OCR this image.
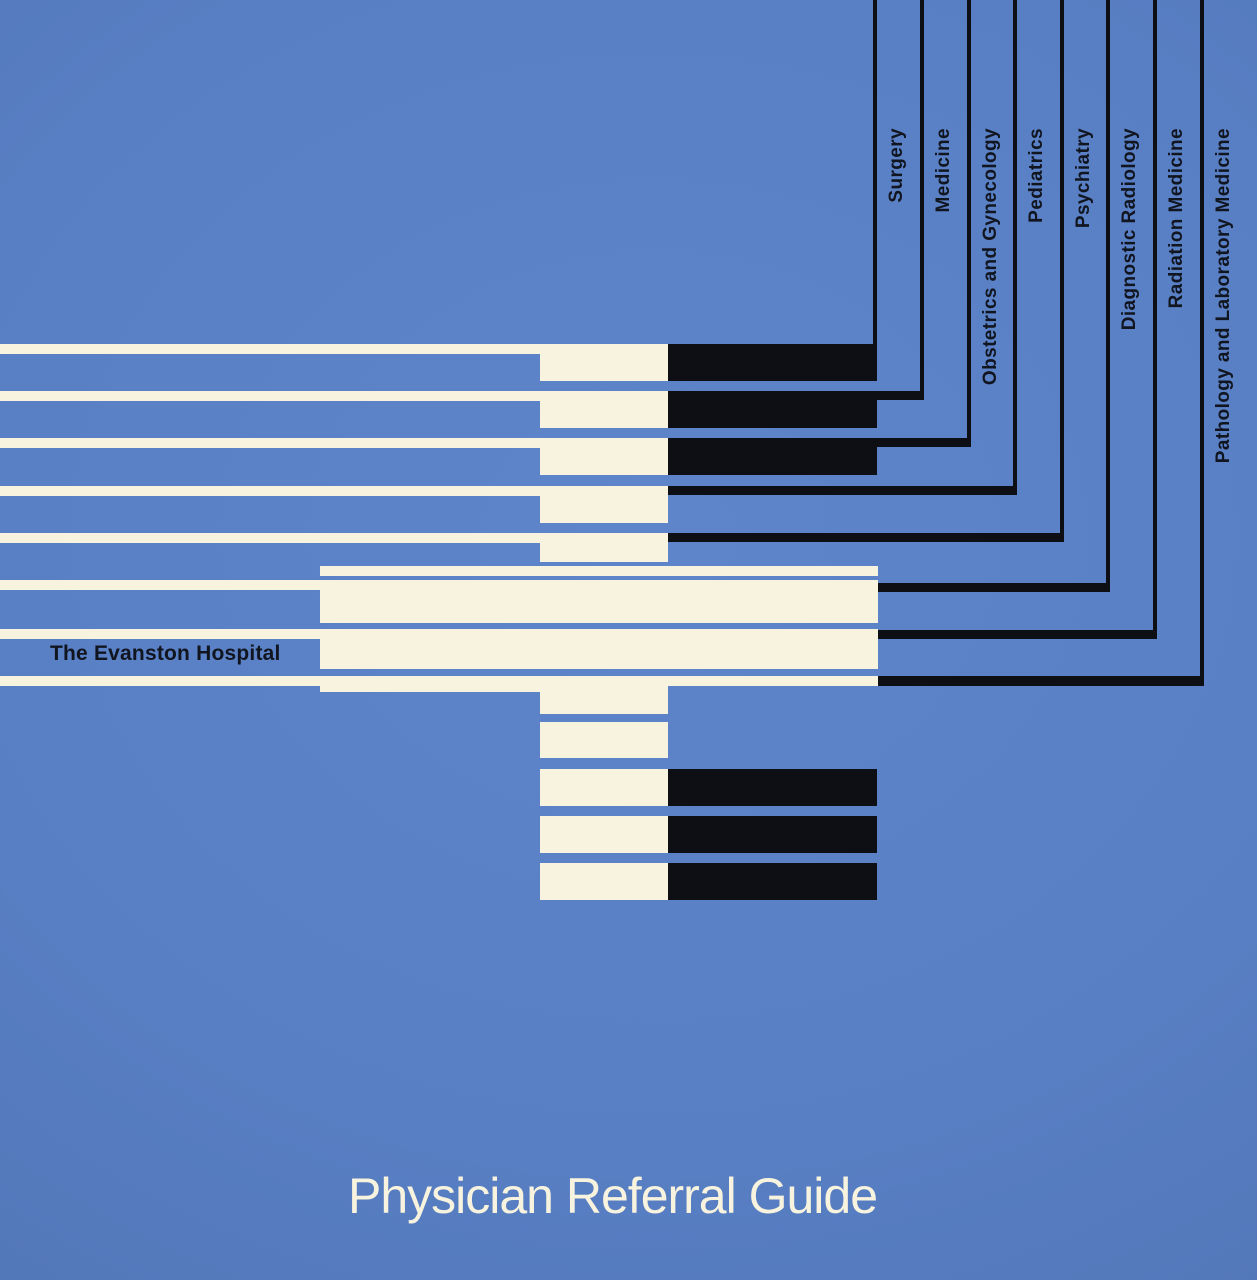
Surgery Medicine Obstetrics and Gynecology Pediatrics Psychiatry Diagnostic Radiology Radiation Medicine Pathology and Laboratory Medicine
The Evanston Hospital
Physician Referral Guide
